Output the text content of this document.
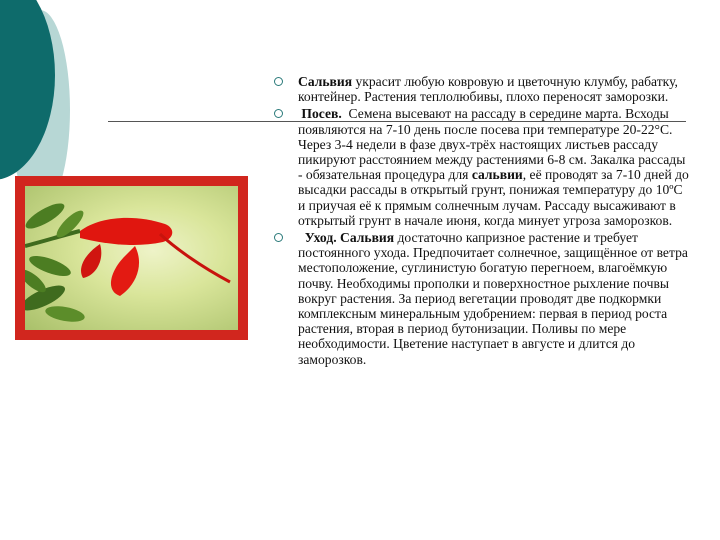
Сальвия украсит любую ковровую и цветочную клумбу, рабатку, контейнер. Растения теплолюбивы, плохо переносят заморозки.
Посев.  Семена высевают на рассаду в середине марта. Всходы появляются на 7-10 день после посева при температуре 20-22°С. Через 3-4 недели в фазе двух-трёх настоящих листьев рассаду пикируют расстоянием между растениями 6-8 см. Закалка рассады - обязательная процедура для сальвии, её проводят за 7-10 дней до высадки рассады в открытый грунт, понижая температуру до 10ºС и приучая её к прямым солнечным лучам. Рассаду высаживают в открытый грунт в начале июня, когда минует угроза заморозков.
Уход. Сальвия достаточно капризное растение и требует постоянного ухода. Предпочитает солнечное, защищённое от ветра местоположение, суглинистую богатую перегноем, влагоёмкую почву. Необходимы прополки и поверхностное рыхление почвы вокруг растения. За период вегетации проводят две подкормки комплексным минеральным удобрением: первая в период роста растения, вторая в период бутонизации. Поливы по мере необходимости. Цветение наступает в августе и длится до заморозков.
